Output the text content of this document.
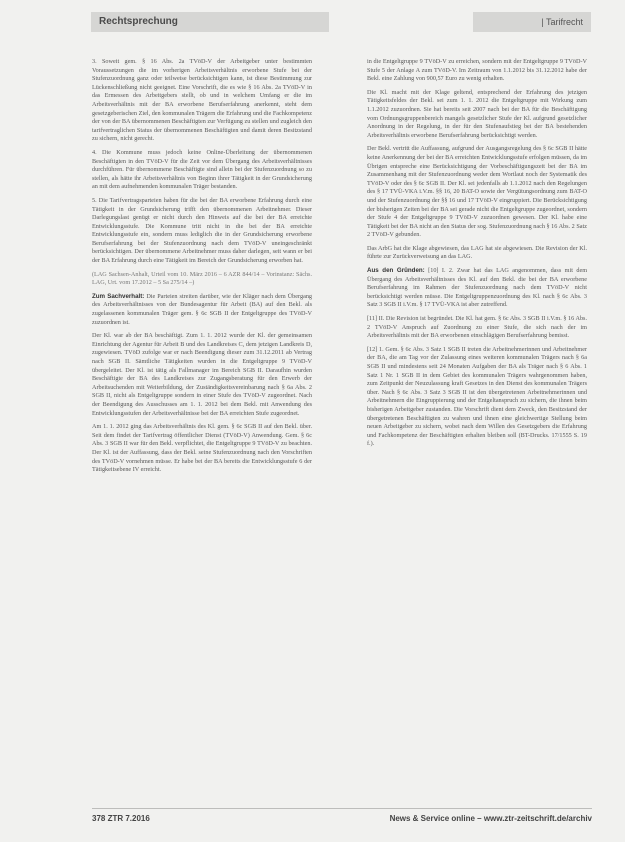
Rechtsprechung	| Tarifrecht

3. Soweit gem. § 16 Abs. 2a TVöD-V der Arbeitgeber unter bestimmten Voraussetzungen die im vorherigen Arbeitsverhältnis erworbene Stufe bei der Stufenzuordnung ganz oder teilweise berücksichtigen kann, ist diese Bestimmung zur Lückenschließung nicht geeignet. Eine Vorschrift, die es wie § 16 Abs. 2a TVöD-V in das Ermessen des Arbeitgebers stellt, ob und in welchem Umfang er die im Arbeitsverhältnis mit der BA erworbene Berufserfahrung anerkennt, steht dem gesetzgeberischen Ziel, den kommunalen Trägern die Erfahrung und die Fachkompetenz der von der BA übernommenen Beschäftigten zur Verfügung zu stellen und zugleich den tarifvertraglichen Status der übernommenen Beschäftigten und damit deren Besitzstand zu sichern, nicht gerecht.

4. Die Kommune muss jedoch keine Online-Überleitung der übernommenen Beschäftigten in den TVöD-V für die Zeit vor dem Übergang des Arbeitsverhältnisses durchführen. Für übernommene Beschäftigte sind allein bei der Stufenzuordnung so zu stellen, als hätte ihr Arbeitsverhältnis von Beginn ihrer Tätigkeit in der Grundsicherung an mit dem aufnehmenden kommunalen Träger bestanden.

5. Die Tarifvertragsparteien haben für die bei der BA erworbene Erfahrung durch eine Tätigkeit in der Grundsicherung trifft den übernommenen Arbeitnehmer. Dieser Darlegungslast genügt er nicht durch den Hinweis auf die bei der BA erreichte Entwicklungsstufe. Die Kommune tritt nicht in die bei der BA erreichte Entwicklungsstufe ein, sondern muss lediglich die in der Grundsicherung erworbene Berufserfahrung bei der Stufenzuordnung nach dem TVöD-V uneingeschränkt berücksichtigen. Der übernommene Arbeitnehmer muss daher darlegen, seit wann er bei der BA Erfahrung durch eine Tätigkeit im Bereich der Grundsicherung erworben hat.

(LAG Sachsen-Anhalt, Urteil vom 10. März 2016 – 6 AZR 844/14 – Vorinstanz: Sächs. LAG, Urt. vom 17.2012 – 5 Sa 275/14 –)

Zum Sachverhalt: Die Parteien streiten darüber, wie der Kläger nach dem Übergang des Arbeitsverhältnisses von der Bundesagentur für Arbeit (BA) auf den Bekl. als zugelassenen kommunalen Träger gem. § 6c SGB II der Entgeltgruppe des TVöD-V zuzuordnen ist.

Der Kl. war ab der BA beschäftigt. Zum 1. 1. 2012 wurde der Kl. der gemeinsamen Einrichtung der Agentur für Arbeit B und des Landkreises C, dem jetzigen Landkreis D, zugewiesen. TVöD zufolge war er nach Beendigung dieser zum 31.12.2011 ab Vertrag nach SGB II. Sämtliche Tätigkeiten wurden in die Entgeltgruppe 9 TVöD-V übergeleitet. Der Kl. ist tätig als Fallmanager im Bereich SGB II. Daraufhin wurden Beschäftigte der BA des Landkreises zur Zugangsberatung für den Erwerb der Arbeitsuchenden mit Weiterbildung, der Zuständigkeitsvereinbarung nach § 6a Abs. 2 SGB II, nicht als Entgeltgruppe sondern in einer Stufe des TVöD-V zugeordnet. Nach der Beendigung des Ausschusses am 1. 1. 2012 bei dem Bekl. mit Anwendung des Entwicklungsstufen der Arbeitsverhältnisse bei der BA erreichten Stufe zugeordnet.

Am 1. 1. 2012 ging das Arbeitsverhältnis des Kl. gem. § 6c SGB II auf den Bekl. über. Seit dem findet der Tarifvertrag öffentlicher Dienst (TVöD-V) Anwendung. Gem. § 6c Abs. 3 SGB II war für den Bekl. verpflichtet, die Entgeltgruppe 9 TVöD-V zu beachten. Der Kl. ist der Auffassung, dass der Bekl. seine Stufenzuordnung nach den Vorschriften des TVöD-V vornehmen müsse. Er habe bei der BA bereits die Entwicklungsstufe 6 der Tätigkeitsebene IV erreicht.

in die Entgeltgruppe 9 TVöD-V zu erreichen, sondern mit der Entgeltgruppe 9 TVöD-V Stufe 5 der Anlage A zum TVöD-V. Im Zeitraum von 1.1.2012 bis 31.12.2012 habe der Bekl. eine Zahlung von 900,57 Euro zu wenig erhalten.

Die Kl. macht mit der Klage geltend, entsprechend der Erfahrung des jetzigen Tätigkeitsfeldes der Bekl. sei zum 1. 1. 2012 die Entgeltgruppe mit Wirkung zum 1.1.2012 zuzuordnen. Sie hat bereits seit 2007 nach bei der BA für die Beschäftigung vom Ordnungsgruppenbereich mangels gesetzlicher Stufe der Kl. aufgrund gesetzlicher Anordnung in der Regelung, in der für den Stufenaufstieg bei der BA bestehenden Arbeitsverhältnis erworbene Berufserfahrung berücksichtigt werden.

Der Bekl. vertritt die Auffassung, aufgrund der Ausgangsregelung des § 6c SGB II hätte keine Anerkennung der bei der BA erreichten Entwicklungsstufe erfolgen müssen, da im Übrigen entspreche eine Berücksichtigung der Vorbeschäftigungszeit bei der BA im Zusammenhang mit der Stufenzuordnung weder dem Wortlaut noch der Systematik des TVöD-V oder des § 6c SGB II. Der Kl. sei jedenfalls ab 1.1.2012 nach den Regelungen des § 17 TVÜ-VKA i.V.m. §§ 16, 20 BAT-O sowie der Vergütungsordnung zum BAT-O und der Stufenzuordnung der §§ 16 und 17 TVöD-V eingruppiert. Die Berücksichtigung der bisherigen Zeiten bei der BA sei gerade nicht die Entgeltgruppe zugeordnet, sondern der Stufe 4 der Entgeltgruppe 9 TVöD-V zuzuordnen gewesen. Der Kl. habe eine Tätigkeit bei der BA nicht an den Status der sog. Stufenzuordnung nach § 16 Abs. 2 Satz 2 TVöD-V gebunden.

Das ArbG hat die Klage abgewiesen, das LAG hat sie abgewiesen. Die Revision der Kl. führte zur Zurückverweisung an das LAG.

Aus den Gründen: [10] I. 2. Zwar hat das LAG angenommen, dass mit dem Übergang des Arbeitsverhältnisses des Kl. auf den Bekl. die bei der BA erworbene Berufserfahrung im Rahmen der Stufenzuordnung nach dem TVöD-V nicht berücksichtigt werden müsse. Die Entgeltgruppenzuordnung des Kl. nach § 6c Abs. 3 Satz 3 SGB II i.V.m. § 17 TVÜ-VKA ist aber zutreffend.

[11] II. Die Revision ist begründet. Die Kl. hat gem. § 6c Abs. 3 SGB II i.V.m. § 16 Abs. 2 TVöD-V Anspruch auf Zuordnung zu einer Stufe, die sich nach der im Arbeitsverhältnis mit der BA erworbenen einschlägigen Berufserfahrung bemisst.

[12] 1. Gem. § 6c Abs. 3 Satz 1 SGB II treten die Arbeitnehmerinnen und Arbeitnehmer der BA, die am Tag vor der Zulassung eines weiteren kommunalen Trägers nach § 6a SGB II und mindestens seit 24 Monaten Aufgaben der BA als Träger nach § 6 Abs. 1 Satz 1 Nr. 1 SGB II in dem Gebiet des kommunalen Trägers wahrgenommen haben, zum Zeitpunkt der Neuzulassung kraft Gesetzes in den Dienst des kommunalen Trägers über. Nach § 6c Abs. 3 Satz 3 SGB II ist den übergetretenen Arbeitnehmerinnen und Arbeitnehmern die Eingruppierung und der Entgeltanspruch zu sichern, die ihnen beim bisherigen Arbeitgeber zustanden. Die Vorschrift dient dem Zweck, den Besitzstand der übergetretenen Beschäftigten zu wahren und ihnen eine gleichwertige Stellung beim neuen Arbeitgeber zu sichern, wobei nach dem Willen des Gesetzgebers die Erfahrung und Fachkompetenz der Beschäftigten erhalten bleiben soll (BT-Drucks. 17/1555 S. 19 f.).

378 ZTR 7.2016	News & Service online – www.ztr-zeitschrift.de/archiv
